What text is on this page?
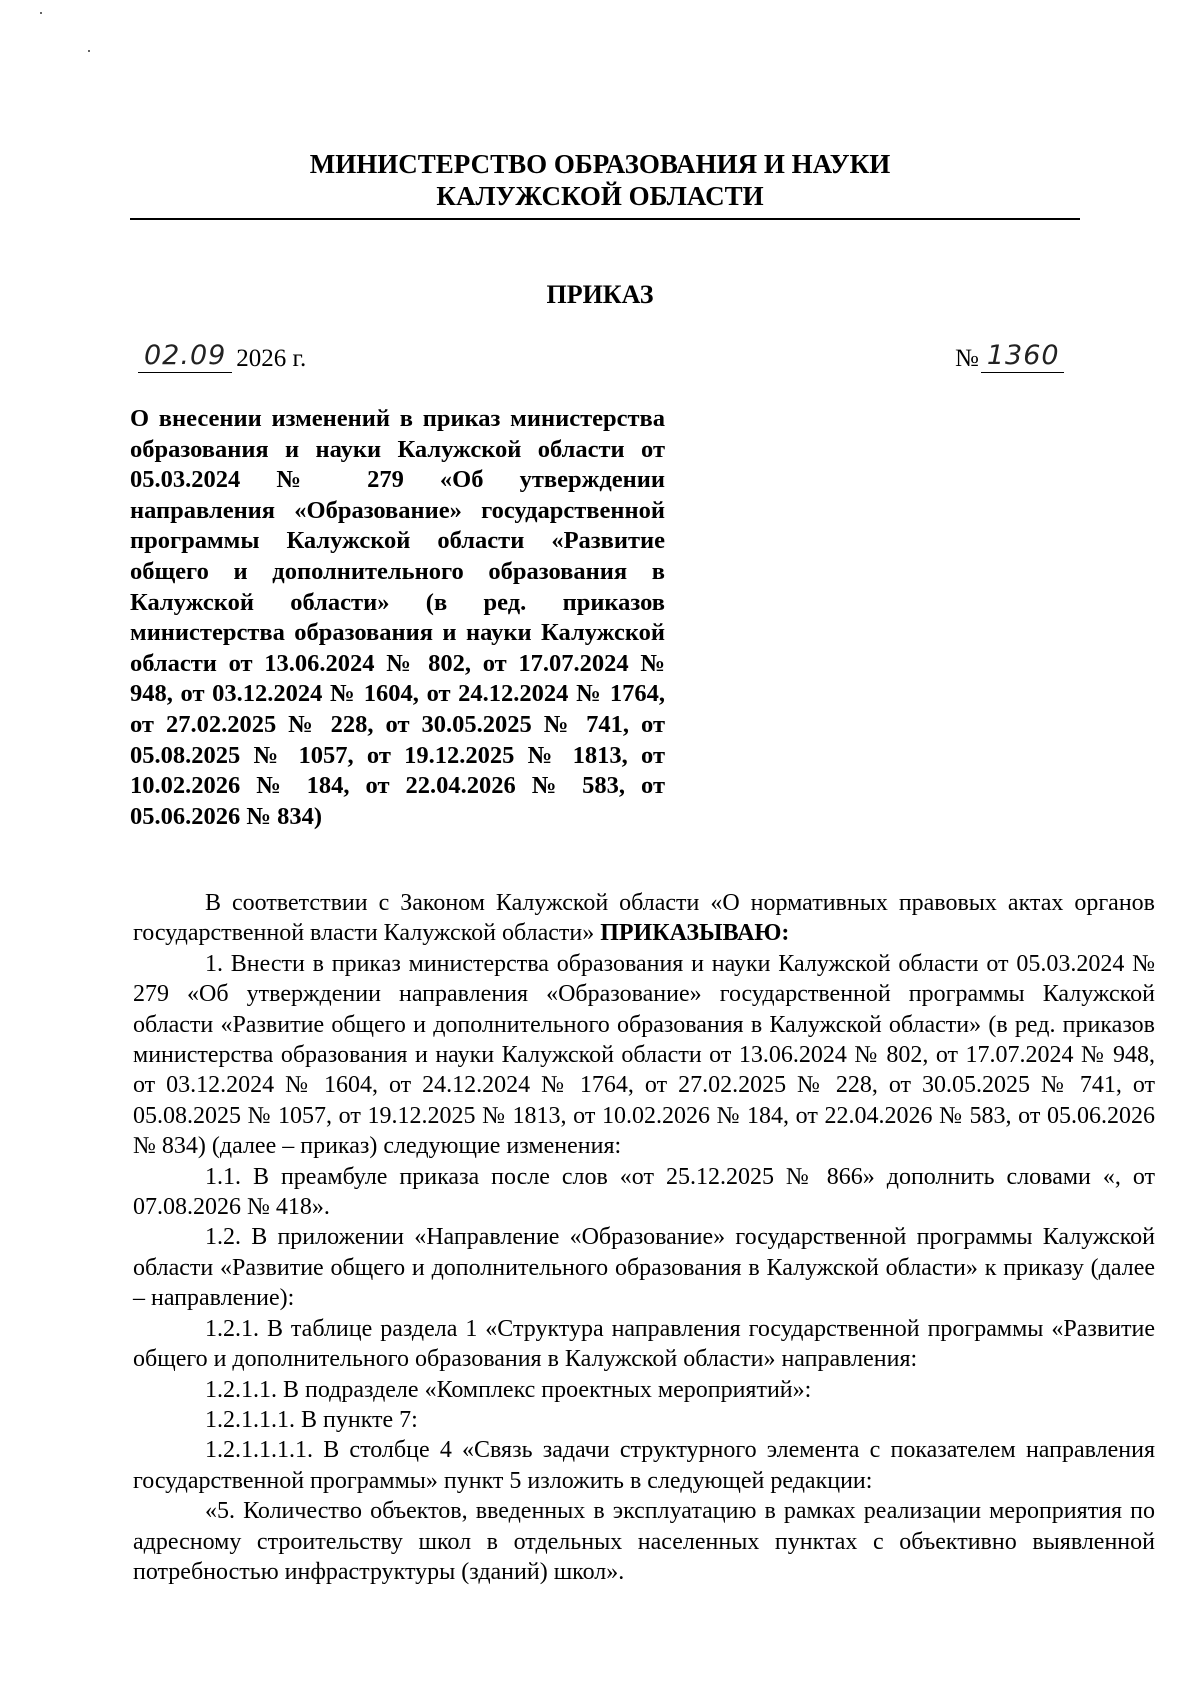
МИНИСТЕРСТВО ОБРАЗОВАНИЯ И НАУКИ
КАЛУЖСКОЙ ОБЛАСТИ
ПРИКАЗ
02.09 2026 г.	№ 1360
О внесении изменений в приказ министерства образования и науки Калужской области от 05.03.2024 № 279 «Об утверждении направления «Образование» государственной программы Калужской области «Развитие общего и дополнительного образования в Калужской области» (в ред. приказов министерства образования и науки Калужской области от 13.06.2024 № 802, от 17.07.2024 № 948, от 03.12.2024 № 1604, от 24.12.2024 № 1764, от 27.02.2025 № 228, от 30.05.2025 № 741, от 05.08.2025 № 1057, от 19.12.2025 № 1813, от 10.02.2026 № 184, от 22.04.2026 № 583, от 05.06.2026 № 834)

В соответствии с Законом Калужской области «О нормативных правовых актах органов государственной власти Калужской области» ПРИКАЗЫВАЮ:

1. Внести в приказ министерства образования и науки Калужской области от 05.03.2024 № 279 «Об утверждении направления «Образование» государственной программы Калужской области «Развитие общего и дополнительного образования в Калужской области» (в ред. приказов министерства образования и науки Калужской области от 13.06.2024 № 802, от 17.07.2024 № 948, от 03.12.2024 № 1604, от 24.12.2024 № 1764, от 27.02.2025 № 228, от 30.05.2025 № 741, от 05.08.2025 № 1057, от 19.12.2025 № 1813, от 10.02.2026 № 184, от 22.04.2026 № 583, от 05.06.2026 № 834) (далее – приказ) следующие изменения:

1.1. В преамбуле приказа после слов «от 25.12.2025 № 866» дополнить словами «, от 07.08.2026 № 418».

1.2. В приложении «Направление «Образование» государственной программы Калужской области «Развитие общего и дополнительного образования в Калужской области» к приказу (далее – направление):

1.2.1. В таблице раздела 1 «Структура направления государственной программы «Развитие общего и дополнительного образования в Калужской области» направления:

1.2.1.1. В подразделе «Комплекс проектных мероприятий»:

1.2.1.1.1. В пункте 7:

1.2.1.1.1.1. В столбце 4 «Связь задачи структурного элемента с показателем направления государственной программы» пункт 5 изложить в следующей редакции:

«5. Количество объектов, введенных в эксплуатацию в рамках реализации мероприятия по адресному строительству школ в отдельных населенных пунктах с объективно выявленной потребностью инфраструктуры (зданий) школ».
